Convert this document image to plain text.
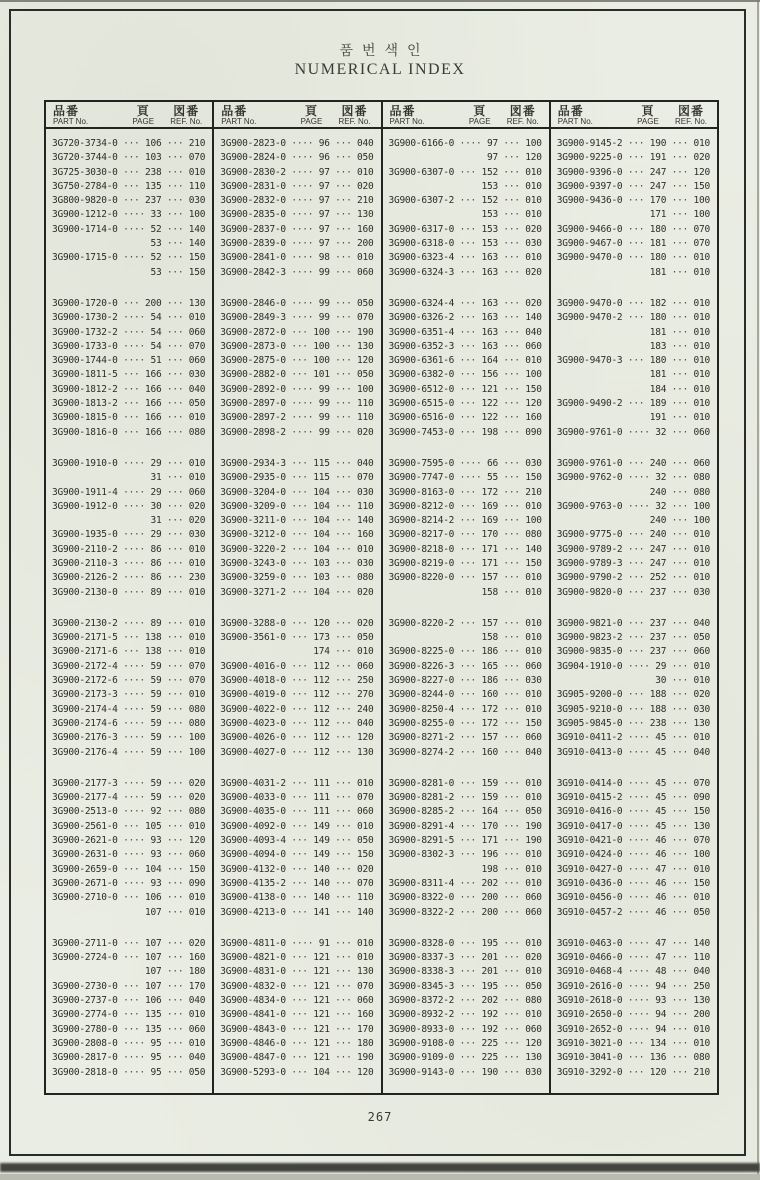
품번색인
NUMERICAL INDEX
品番
PART No.
頁
PAGE
図番
REF. No.
3G720-3734-0 ··· 106 ··· 210
3G720-3744-0 ··· 103 ··· 070
3G725-3030-0 ··· 238 ··· 010
3G750-2784-0 ··· 135 ··· 110
3G800-9820-0 ··· 237 ··· 030
3G900-1212-0 ···· 33 ··· 100
3G900-1714-0 ···· 52 ··· 140
53 ··· 140
3G900-1715-0 ···· 52 ··· 150
53 ··· 150
3G900-1720-0 ··· 200 ··· 130
3G900-1730-2 ···· 54 ··· 010
3G900-1732-2 ···· 54 ··· 060
3G900-1733-0 ···· 54 ··· 070
3G900-1744-0 ···· 51 ··· 060
3G900-1811-5 ··· 166 ··· 030
3G900-1812-2 ··· 166 ··· 040
3G900-1813-2 ··· 166 ··· 050
3G900-1815-0 ··· 166 ··· 010
3G900-1816-0 ··· 166 ··· 080
3G900-1910-0 ···· 29 ··· 010
31 ··· 010
3G900-1911-4 ···· 29 ··· 060
3G900-1912-0 ···· 30 ··· 020
31 ··· 020
3G900-1935-0 ···· 29 ··· 030
3G900-2110-2 ···· 86 ··· 010
3G900-2110-3 ···· 86 ··· 010
3G900-2126-2 ···· 86 ··· 230
3G900-2130-0 ···· 89 ··· 010
3G900-2130-2 ···· 89 ··· 010
3G900-2171-5 ··· 138 ··· 010
3G900-2171-6 ··· 138 ··· 010
3G900-2172-4 ···· 59 ··· 070
3G900-2172-6 ···· 59 ··· 070
3G900-2173-3 ···· 59 ··· 010
3G900-2174-4 ···· 59 ··· 080
3G900-2174-6 ···· 59 ··· 080
3G900-2176-3 ···· 59 ··· 100
3G900-2176-4 ···· 59 ··· 100
3G900-2177-3 ···· 59 ··· 020
3G900-2177-4 ···· 59 ··· 020
3G900-2513-0 ···· 92 ··· 080
3G900-2561-0 ··· 105 ··· 010
3G900-2621-0 ···· 93 ··· 120
3G900-2631-0 ···· 93 ··· 060
3G900-2659-0 ··· 104 ··· 150
3G900-2671-0 ···· 93 ··· 090
3G900-2710-0 ··· 106 ··· 010
107 ··· 010
3G900-2711-0 ··· 107 ··· 020
3G900-2724-0 ··· 107 ··· 160
107 ··· 180
3G900-2730-0 ··· 107 ··· 170
3G900-2737-0 ··· 106 ··· 040
3G900-2774-0 ··· 135 ··· 010
3G900-2780-0 ··· 135 ··· 060
3G900-2808-0 ···· 95 ··· 010
3G900-2817-0 ···· 95 ··· 040
3G900-2818-0 ···· 95 ··· 050
品番
PART No.
頁
PAGE
図番
REF. No.
3G900-2823-0 ···· 96 ··· 040
3G900-2824-0 ···· 96 ··· 050
3G900-2830-2 ···· 97 ··· 010
3G900-2831-0 ···· 97 ··· 020
3G900-2832-0 ···· 97 ··· 210
3G900-2835-0 ···· 97 ··· 130
3G900-2837-0 ···· 97 ··· 160
3G900-2839-0 ···· 97 ··· 200
3G900-2841-0 ···· 98 ··· 010
3G900-2842-3 ···· 99 ··· 060
3G900-2846-0 ···· 99 ··· 050
3G900-2849-3 ···· 99 ··· 070
3G900-2872-0 ··· 100 ··· 190
3G900-2873-0 ··· 100 ··· 130
3G900-2875-0 ··· 100 ··· 120
3G900-2882-0 ··· 101 ··· 050
3G900-2892-0 ···· 99 ··· 100
3G900-2897-0 ···· 99 ··· 110
3G900-2897-2 ···· 99 ··· 110
3G900-2898-2 ···· 99 ··· 020
3G900-2934-3 ··· 115 ··· 040
3G900-2935-0 ··· 115 ··· 070
3G900-3204-0 ··· 104 ··· 030
3G900-3209-0 ··· 104 ··· 110
3G900-3211-0 ··· 104 ··· 140
3G900-3212-0 ··· 104 ··· 160
3G900-3220-2 ··· 104 ··· 010
3G900-3243-0 ··· 103 ··· 030
3G900-3259-0 ··· 103 ··· 080
3G900-3271-2 ··· 104 ··· 020
3G900-3288-0 ··· 120 ··· 020
3G900-3561-0 ··· 173 ··· 050
174 ··· 010
3G900-4016-0 ··· 112 ··· 060
3G900-4018-0 ··· 112 ··· 250
3G900-4019-0 ··· 112 ··· 270
3G900-4022-0 ··· 112 ··· 240
3G900-4023-0 ··· 112 ··· 040
3G900-4026-0 ··· 112 ··· 120
3G900-4027-0 ··· 112 ··· 130
3G900-4031-2 ··· 111 ··· 010
3G900-4033-0 ··· 111 ··· 070
3G900-4035-0 ··· 111 ··· 060
3G900-4092-0 ··· 149 ··· 010
3G900-4093-4 ··· 149 ··· 050
3G900-4094-0 ··· 149 ··· 150
3G900-4132-0 ··· 140 ··· 020
3G900-4135-2 ··· 140 ··· 070
3G900-4138-0 ··· 140 ··· 110
3G900-4213-0 ··· 141 ··· 140
3G900-4811-0 ···· 91 ··· 010
3G900-4821-0 ··· 121 ··· 010
3G900-4831-0 ··· 121 ··· 130
3G900-4832-0 ··· 121 ··· 070
3G900-4834-0 ··· 121 ··· 060
3G900-4841-0 ··· 121 ··· 160
3G900-4843-0 ··· 121 ··· 170
3G900-4846-0 ··· 121 ··· 180
3G900-4847-0 ··· 121 ··· 190
3G900-5293-0 ··· 104 ··· 120
品番
PART No.
頁
PAGE
図番
REF. No.
3G900-6166-0 ···· 97 ··· 100
97 ··· 120
3G900-6307-0 ··· 152 ··· 010
153 ··· 010
3G900-6307-2 ··· 152 ··· 010
153 ··· 010
3G900-6317-0 ··· 153 ··· 020
3G900-6318-0 ··· 153 ··· 030
3G900-6323-4 ··· 163 ··· 010
3G900-6324-3 ··· 163 ··· 020
3G900-6324-4 ··· 163 ··· 020
3G900-6326-2 ··· 163 ··· 140
3G900-6351-4 ··· 163 ··· 040
3G900-6352-3 ··· 163 ··· 060
3G900-6361-6 ··· 164 ··· 010
3G900-6382-0 ··· 156 ··· 100
3G900-6512-0 ··· 121 ··· 150
3G900-6515-0 ··· 122 ··· 120
3G900-6516-0 ··· 122 ··· 160
3G900-7453-0 ··· 198 ··· 090
3G900-7595-0 ···· 66 ··· 030
3G900-7747-0 ···· 55 ··· 150
3G900-8163-0 ··· 172 ··· 210
3G900-8212-0 ··· 169 ··· 010
3G900-8214-2 ··· 169 ··· 100
3G900-8217-0 ··· 170 ··· 080
3G900-8218-0 ··· 171 ··· 140
3G900-8219-0 ··· 171 ··· 150
3G900-8220-0 ··· 157 ··· 010
158 ··· 010
3G900-8220-2 ··· 157 ··· 010
158 ··· 010
3G900-8225-0 ··· 186 ··· 010
3G900-8226-3 ··· 165 ··· 060
3G900-8227-0 ··· 186 ··· 030
3G900-8244-0 ··· 160 ··· 010
3G900-8250-4 ··· 172 ··· 010
3G900-8255-0 ··· 172 ··· 150
3G900-8271-2 ··· 157 ··· 060
3G900-8274-2 ··· 160 ··· 040
3G900-8281-0 ··· 159 ··· 010
3G900-8281-2 ··· 159 ··· 010
3G900-8285-2 ··· 164 ··· 050
3G900-8291-4 ··· 170 ··· 190
3G900-8291-5 ··· 171 ··· 190
3G900-8302-3 ··· 196 ··· 010
198 ··· 010
3G900-8311-4 ··· 202 ··· 010
3G900-8322-0 ··· 200 ··· 060
3G900-8322-2 ··· 200 ··· 060
3G900-8328-0 ··· 195 ··· 010
3G900-8337-3 ··· 201 ··· 020
3G900-8338-3 ··· 201 ··· 010
3G900-8345-3 ··· 195 ··· 050
3G900-8372-2 ··· 202 ··· 080
3G900-8932-2 ··· 192 ··· 010
3G900-8933-0 ··· 192 ··· 060
3G900-9108-0 ··· 225 ··· 120
3G900-9109-0 ··· 225 ··· 130
3G900-9143-0 ··· 190 ··· 030
品番
PART No.
頁
PAGE
図番
REF. No.
3G900-9145-2 ··· 190 ··· 010
3G900-9225-0 ··· 191 ··· 020
3G900-9396-0 ··· 247 ··· 120
3G900-9397-0 ··· 247 ··· 150
3G900-9436-0 ··· 170 ··· 100
171 ··· 100
3G900-9466-0 ··· 180 ··· 070
3G900-9467-0 ··· 181 ··· 070
3G900-9470-0 ··· 180 ··· 010
181 ··· 010
3G900-9470-0 ··· 182 ··· 010
3G900-9470-2 ··· 180 ··· 010
181 ··· 010
183 ··· 010
3G900-9470-3 ··· 180 ··· 010
181 ··· 010
184 ··· 010
3G900-9490-2 ··· 189 ··· 010
191 ··· 010
3G900-9761-0 ···· 32 ··· 060
3G900-9761-0 ··· 240 ··· 060
3G900-9762-0 ···· 32 ··· 080
240 ··· 080
3G900-9763-0 ···· 32 ··· 100
240 ··· 100
3G900-9775-0 ··· 240 ··· 010
3G900-9789-2 ··· 247 ··· 010
3G900-9789-3 ··· 247 ··· 010
3G900-9790-2 ··· 252 ··· 010
3G900-9820-0 ··· 237 ··· 030
3G900-9821-0 ··· 237 ··· 040
3G900-9823-2 ··· 237 ··· 050
3G900-9835-0 ··· 237 ··· 060
3G904-1910-0 ···· 29 ··· 010
30 ··· 010
3G905-9200-0 ··· 188 ··· 020
3G905-9210-0 ··· 188 ··· 030
3G905-9845-0 ··· 238 ··· 130
3G910-0411-2 ···· 45 ··· 010
3G910-0413-0 ···· 45 ··· 040
3G910-0414-0 ···· 45 ··· 070
3G910-0415-2 ···· 45 ··· 090
3G910-0416-0 ···· 45 ··· 150
3G910-0417-0 ···· 45 ··· 130
3G910-0421-0 ···· 46 ··· 070
3G910-0424-0 ···· 46 ··· 100
3G910-0427-0 ···· 47 ··· 010
3G910-0436-0 ···· 46 ··· 150
3G910-0456-0 ···· 46 ··· 010
3G910-0457-2 ···· 46 ··· 050
3G910-0463-0 ···· 47 ··· 140
3G910-0466-0 ···· 47 ··· 110
3G910-0468-4 ···· 48 ··· 040
3G910-2616-0 ···· 94 ··· 250
3G910-2618-0 ···· 93 ··· 130
3G910-2650-0 ···· 94 ··· 200
3G910-2652-0 ···· 94 ··· 010
3G910-3021-0 ··· 134 ··· 010
3G910-3041-0 ··· 136 ··· 080
3G910-3292-0 ··· 120 ··· 210
267
